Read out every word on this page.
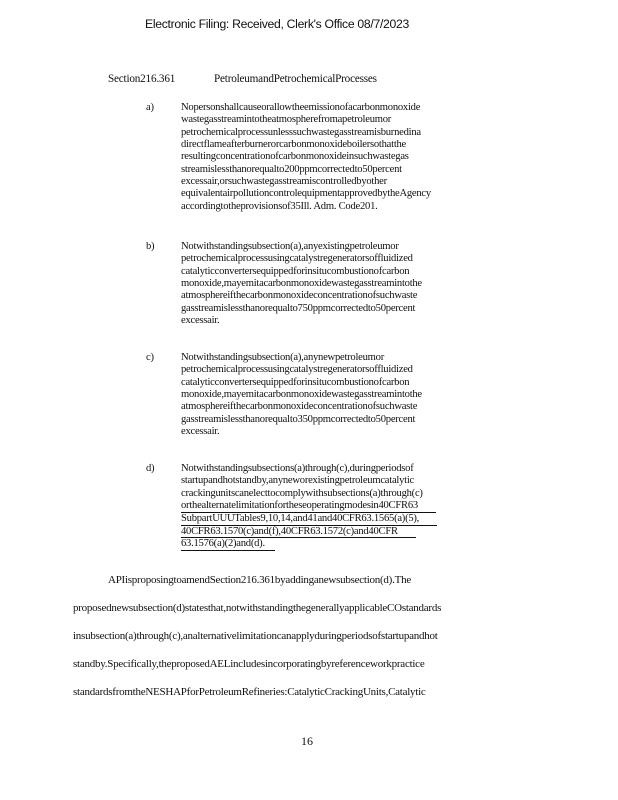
Electronic Filing: Received, Clerk's Office 08/7/2023
Section216.361	PetroleumandPetrochemicalProcesses
a)	Nopersonshallcauseorallowtheemissionofacarbonmonoxide
wastegasstreamintotheatmospherefromapetroleumor
petrochemicalprocessunlesssuchwastegasstreamisburnedina
directflameafterburnerorcarbonmonoxideboilersothatthe
resultingconcentrationofcarbonmonoxideinsuchwastegas
streamislessthanorequalto200ppmcorrectedto50percent
excessair,orsuchwastegasstreamiscontrolledbyother
equivalentairpollutioncontrolequipmentapprovedbytheAgency
accordingtotheprovisionsof35Ill. Adm. Code201.
b)	Notwithstandingsubsection(a),anyexistingpetroleumor
petrochemicalprocessusingcatalystregeneratorsoffluidized
catalyticconvertersequippedforinsitucombustionofcarbon
monoxide,mayemitacarbonmonoxidewastegasstreamintothe
atmosphereifthecarbonmonoxideconcentrationofsuchwaste
gasstreamislessthanorequalto750ppmcorrectedto50percent
excessair.
c)	Notwithstandingsubsection(a),anynewpetroleumor
petrochemicalprocessusingcatalystregeneratorsoffluidized
catalyticconvertersequippedforinsitucombustionofcarbon
monoxide,mayemitacarbonmonoxidewastegasstreamintothe
atmosphereifthecarbonmonoxideconcentrationofsuchwaste
gasstreamislessthanorequalto350ppmcorrectedto50percent
excessair.
d)	Notwithstandingsubsections(a)through(c),duringperiodsof
startupandhotstandby,anyneworexistingpetroleumcatalytic
crackingunitscanelecttocomplywithsubsections(a)through(c)
orthealternatelimitationfortheseoperatingmodesin40CFR63 SubpartUUUTables9,10,14,and41and40CFR63.1565(a)(5), 40CFR63.1570(c)and(f),40CFR63.1572(c)and40CFR 63.1576(a)(2)and(d).
APIisproposingtoamendSection216.361byaddinganewsubsection(d).The
proposednewsubsection(d)statesthat,notwithstandingthegenerallyapplicableCOstandards
insubsection(a)through(c),analternativelimitationcanapplyduringperiodsofstartupandhot
standby.Specifically,theproposedAELincludesincorporatingbyreferenceworkpractice
standardsfromtheNESHAPforPetroleumRefineries:CatalyticCrackingUnits,Catalytic
16
